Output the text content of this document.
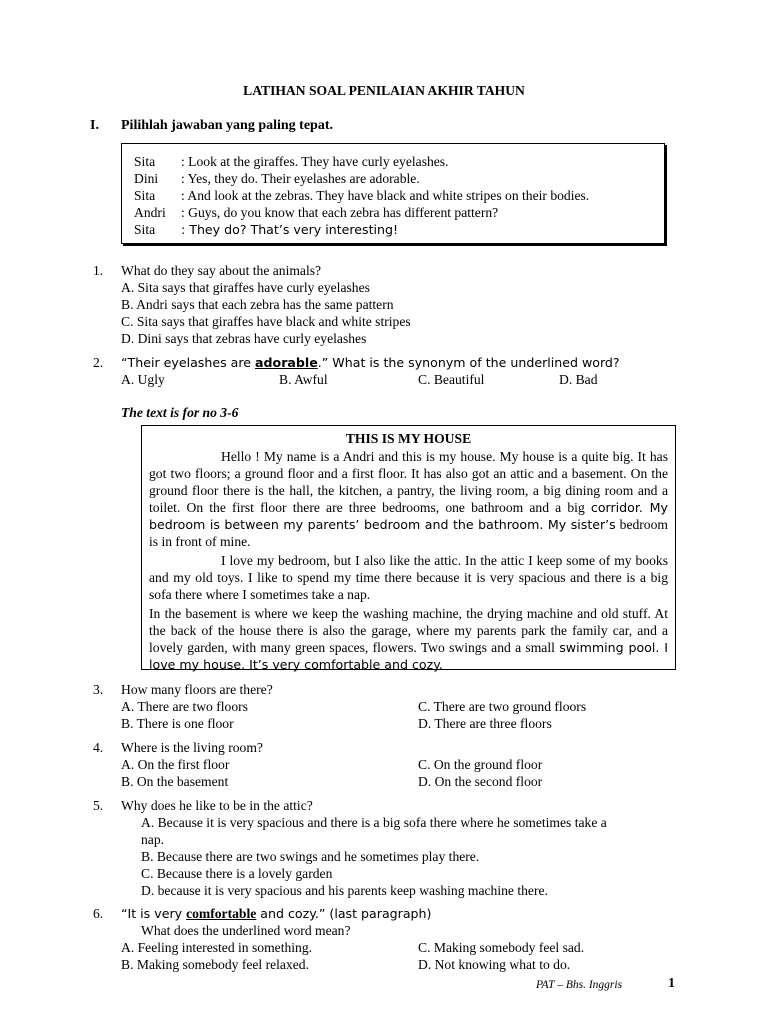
LATIHAN SOAL PENILAIAN AKHIR TAHUN
I. Pilihlah jawaban yang paling tepat.
Sita : Look at the giraffes. They have curly eyelashes.
Dini : Yes, they do. Their eyelashes are adorable.
Sita : And look at the zebras. They have black and white stripes on their bodies.
Andri : Guys, do you know that each zebra has different pattern?
Sita : They do? That’s very interesting!
1. What do they say about the animals?
A. Sita says that giraffes have curly eyelashes
B. Andri says that each zebra has the same pattern
C. Sita says that giraffes have black and white stripes
D. Dini says that zebras have curly eyelashes
2. “Their eyelashes are adorable.” What is the synonym of the underlined word?
A. Ugly	B. Awful	C. Beautiful	D. Bad
The text is for no 3-6
THIS IS MY HOUSE
Hello ! My name is a Andri and this is my house. My house is a quite big. It has got two floors; a ground floor and a first floor. It has also got an attic and a basement. On the ground floor there is the hall, the kitchen, a pantry, the living room, a big dining room and a toilet. On the first floor there are three bedrooms, one bathroom and a big corridor. My bedroom is between my parents’ bedroom and the bathroom. My sister’s bedroom is in front of mine.
I love my bedroom, but I also like the attic. In the attic I keep some of my books and my old toys. I like to spend my time there because it is very spacious and there is a big sofa there where I sometimes take a nap.
In the basement is where we keep the washing machine, the drying machine and old stuff. At the back of the house there is also the garage, where my parents park the family car, and a lovely garden, with many green spaces, flowers. Two swings and a small swimming pool. I love my house. It’s very comfortable and cozy.
3. How many floors are there?
A. There are two floors	C. There are two ground floors
B. There is one floor	D. There are three floors
4. Where is the living room?
A. On the first floor	C. On the ground floor
B. On the basement	D. On the second floor
5. Why does he like to be in the attic?
A. Because it is very spacious and there is a big sofa there where he sometimes take a
nap.
B. Because there are two swings and he sometimes play there.
C. Because there is a lovely garden
D. because it is very spacious and his parents keep washing machine there.
6. “It is very comfortable and cozy.” (last paragraph)
What does the underlined word mean?
A. Feeling interested in something.	C. Making somebody feel sad.
B. Making somebody feel relaxed.	D. Not knowing what to do.
PAT – Bhs. Inggris	1
